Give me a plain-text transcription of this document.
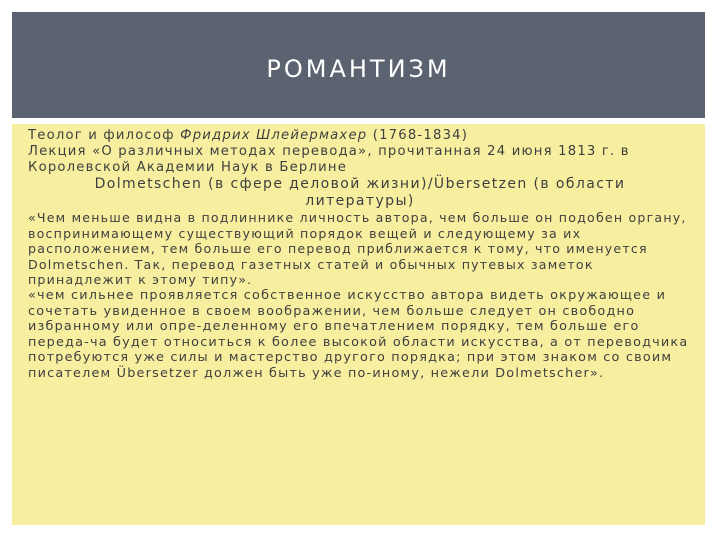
РОМАНТИЗМ

Теолог и философ Фридрих Шлейермахер (1768-1834)

Лекция «О различных методах перевода», прочитанная 24 июня 1813 г. в Королевской Академии Наук в Берлине

Dolmetschen (в сфере деловой жизни)/Übersetzen (в области литературы)

«Чем меньше видна в подлиннике личность автора, чем больше он подобен органу, воспринимающему существующий порядок вещей и следующему за их расположением, тем больше его перевод приближается к тому, что именуется Dolmetschen. Так, перевод газетных статей и обычных путевых заметок принадлежит к этому типу».

«чем сильнее проявляется собственное искусство автора видеть окружающее и сочетать увиденное в своем воображении, чем больше следует он свободно избранному или опре-деленному его впечатлением порядку, тем больше его переда-ча будет относиться к более высокой области искусства, а от переводчика потребуются уже силы и мастерство другого порядка; при этом знаком со своим писателем Übersetzer должен быть уже по-иному, нежели Dolmetscher».
